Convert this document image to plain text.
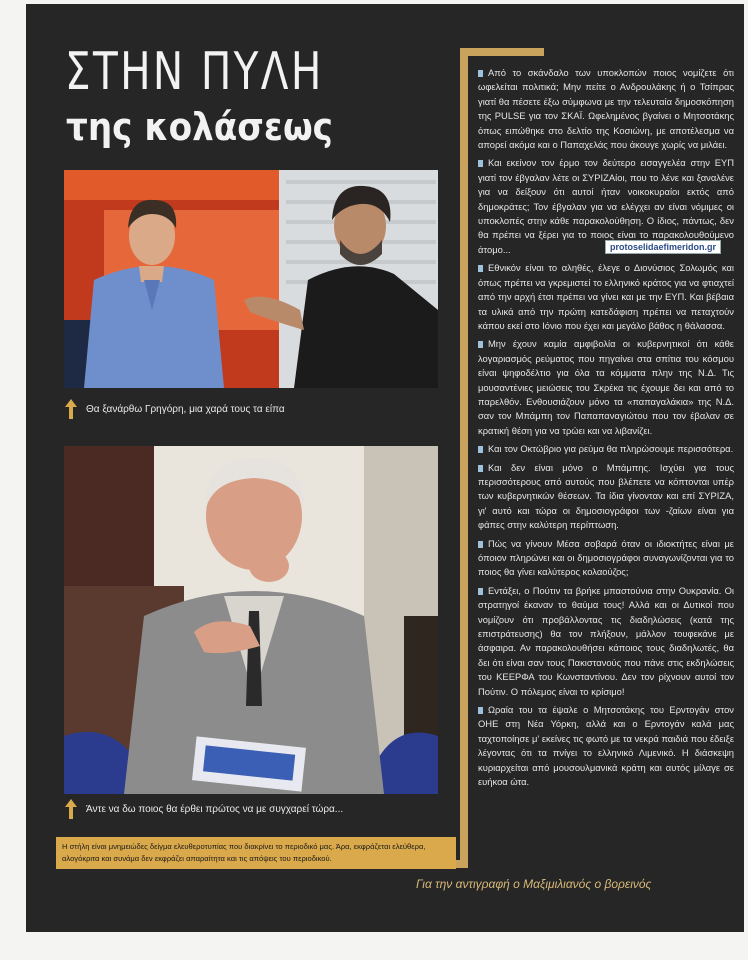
ΣΤΗΝ ΠΥΛΗ
της κολάσεως
Θα ξανάρθω Γρηγόρη, μια χαρά τους τα είπα
Άντε να δω ποιος θα έρθει πρώτος να με συγχαρεί τώρα...
Η στήλη είναι μνημειώδες δείγμα ελευθεροτυπίας που διακρίνει το περιοδικό μας. Άρα, εκφράζεται ελεύθερα, αλογόκριτα και συνάμα δεν εκφράζει απαραίτητα και τις απόψεις του περιοδικού.

Από το σκάνδαλο των υποκλοπών ποιος νομίζετε ότι ωφελείται πολιτικά; Μην πείτε ο Ανδρουλάκης ή ο Τσίπρας γιατί θα πέσετε έξω σύμφωνα με την τελευταία δημοσκόπηση της PULSE για τον ΣΚΑΪ. Ωφελημένος βγαίνει ο Μητσοτάκης όπως ειπώθηκε στο δελτίο της Κοσιώνη, με αποτέλεσμα να απορεί ακόμα και ο Παπαχελάς που άκουγε χωρίς να μιλάει.

Και εκείνον τον έρμο τον δεύτερο εισαγγελέα στην ΕΥΠ γιατί τον έβγαλαν λέτε οι ΣΥΡΙΖΑίοι, που το λένε και ξαναλένε για να δείξουν ότι αυτοί ήταν νοικοκυραίοι εκτός από δημοκράτες; Τον έβγαλαν για να ελέγχει αν είναι νόμιμες οι υποκλοπές στην κάθε παρακολούθηση. Ο ίδιος, πάντως, δεν θα πρέπει να ξέρει για το ποιος είναι το παρακολουθούμενο άτομο...

Εθνικόν είναι το αληθές, έλεγε ο Διονύσιος Σολωμός και όπως πρέπει να γκρεμιστεί το ελληνικό κράτος για να φτιαχτεί από την αρχή έτσι πρέπει να γίνει και με την ΕΥΠ. Και βέβαια τα υλικά από την πρώτη κατεδάφιση πρέπει να πεταχτούν κάπου εκεί στο Ιόνιο που έχει και μεγάλο βάθος η θάλασσα.

Μην έχουν καμία αμφιβολία οι κυβερνητικοί ότι κάθε λογαριασμός ρεύματος που πηγαίνει στα σπίτια του κόσμου είναι ψηφοδέλτιο για όλα τα κόμματα πλην της Ν.Δ. Τις μουσαντένιες μειώσεις του Σκρέκα τις έχουμε δει και από το παρελθόν. Ενθουσιάζουν μόνο τα «παπαγαλάκια» της Ν.Δ. σαν τον Μπάμπη τον Παπαπαναγιώτου που τον έβαλαν σε κρατική θέση για να τρώει και να λιβανίζει.

Και τον Οκτώβριο για ρεύμα θα πληρώσουμε περισσότερα.

Και δεν είναι μόνο ο Μπάμπης. Ισχύει για τους περισσότερους από αυτούς που βλέπετε να κόπτονται υπέρ των κυβερνητικών θέσεων. Τα ίδια γίνονταν και επί ΣΥΡΙΖΑ, γι' αυτό και τώρα οι δημοσιογράφοι των -ζαίων είναι για φάπες στην καλύτερη περίπτωση.

Πώς να γίνουν Μέσα σοβαρά όταν οι ιδιοκτήτες είναι με όποιον πληρώνει και οι δημοσιογράφοι συναγωνίζονται για το ποιος θα γίνει καλύτερος κολαούζος;

Εντάξει, ο Πούτιν τα βρήκε μπαστούνια στην Ουκρανία. Οι στρατηγοί έκαναν το θαύμα τους! Αλλά και οι Δυτικοί που νομίζουν ότι προβάλλοντας τις διαδηλώσεις (κατά της επιστράτευσης) θα τον πλήξουν, μάλλον τουφεκάνε με άσφαιρα. Αν παρακολουθήσει κάποιος τους διαδηλωτές, θα δει ότι είναι σαν τους Πακιστανούς που πάνε στις εκδηλώσεις του ΚΕΕΡΦΑ του Κωνσταντίνου. Δεν τον ρίχνουν αυτοί τον Πούτιν. Ο πόλεμος είναι το κρίσιμο!

Ωραία του τα έψαλε ο Μητσοτάκης του Ερντογάν στον ΟΗΕ στη Νέα Υόρκη, αλλά και ο Ερντογάν καλά μας ταχτοποίησε μ' εκείνες τις φωτό με τα νεκρά παιδιά που έδειξε λέγοντας ότι τα πνίγει το ελληνικό Λιμενικό. Η διάσκεψη κυριαρχείται από μουσουλμανικά κράτη και αυτός μίλαγε σε ευήκοα ώτα.

protoselidaefimeridon.gr
Για την αντιγραφή ο Μαξιμιλιανός ο βορεινός
